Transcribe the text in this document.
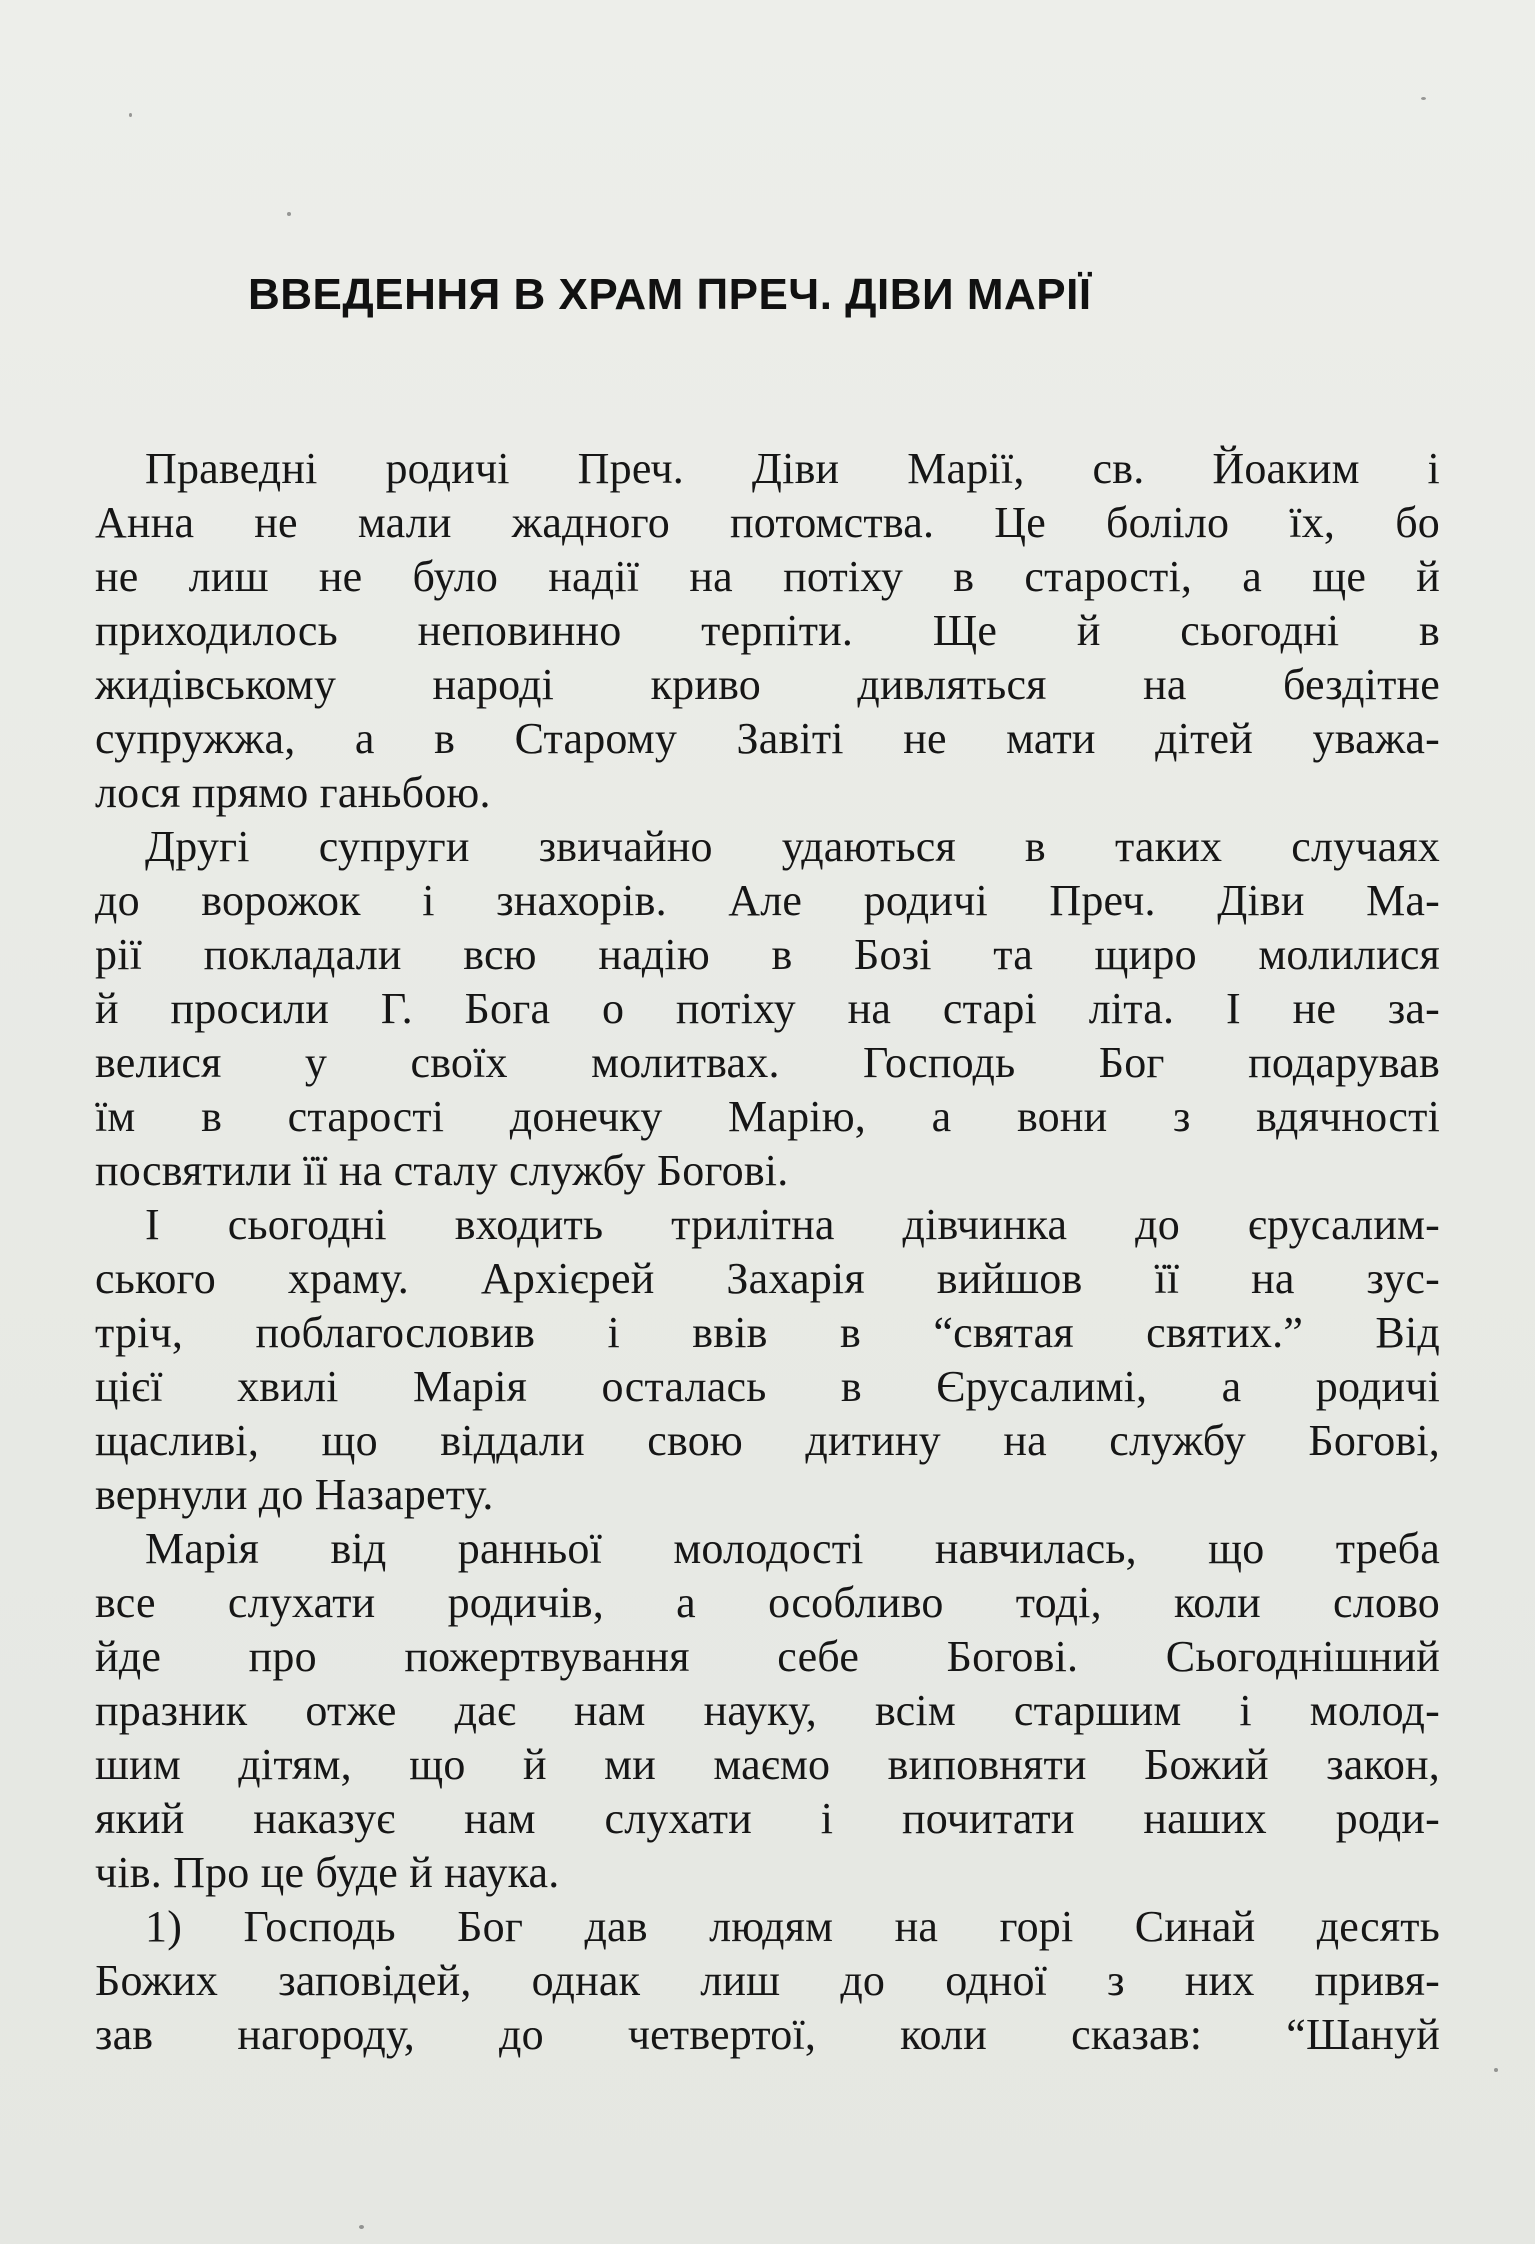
ВВЕДЕННЯ В ХРАМ ПРЕЧ. ДІВИ МАРІЇ
Праведні родичі Преч. Діви Марії, св. Йоаким і
Анна не мали жадного потомства. Це боліло їх, бо
не лиш не було надії на потіху в старості, а ще й
приходилось неповинно терпіти. Ще й сьогодні в
жидівському народі криво дивляться на бездітне
супружжа, а в Старому Завіті не мати дітей уважа-
лося прямо ганьбою.
Другі супруги звичайно удаються в таких случаях
до ворожок і знахорів. Але родичі Преч. Діви Ма-
рії покладали всю надію в Бозі та щиро молилися
й просили Г. Бога о потіху на старі літа. І не за-
велися у своїх молитвах. Господь Бог подарував
їм в старості донечку Марію, а вони з вдячності
посвятили її на сталу службу Богові.
І сьогодні входить трилітна дівчинка до єрусалим-
ського храму. Архієрей Захарія вийшов її на зус-
тріч, поблагословив і ввів в “святая святих.” Від
цієї хвилі Марія осталась в Єрусалимі, а родичі
щасливі, що віддали свою дитину на службу Богові,
вернули до Назарету.
Марія від ранньої молодості навчилась, що треба
все слухати родичів, а особливо тоді, коли слово
йде про пожертвування себе Богові. Сьогоднішний
празник отже дає нам науку, всім старшим і молод-
шим дітям, що й ми маємо виповняти Божий закон,
який наказує нам слухати і почитати наших роди-
чів. Про це буде й наука.
1) Господь Бог дав людям на горі Синай десять
Божих заповідей, однак лиш до одної з них привя-
зав нагороду, до четвертої, коли сказав: “Шануй
